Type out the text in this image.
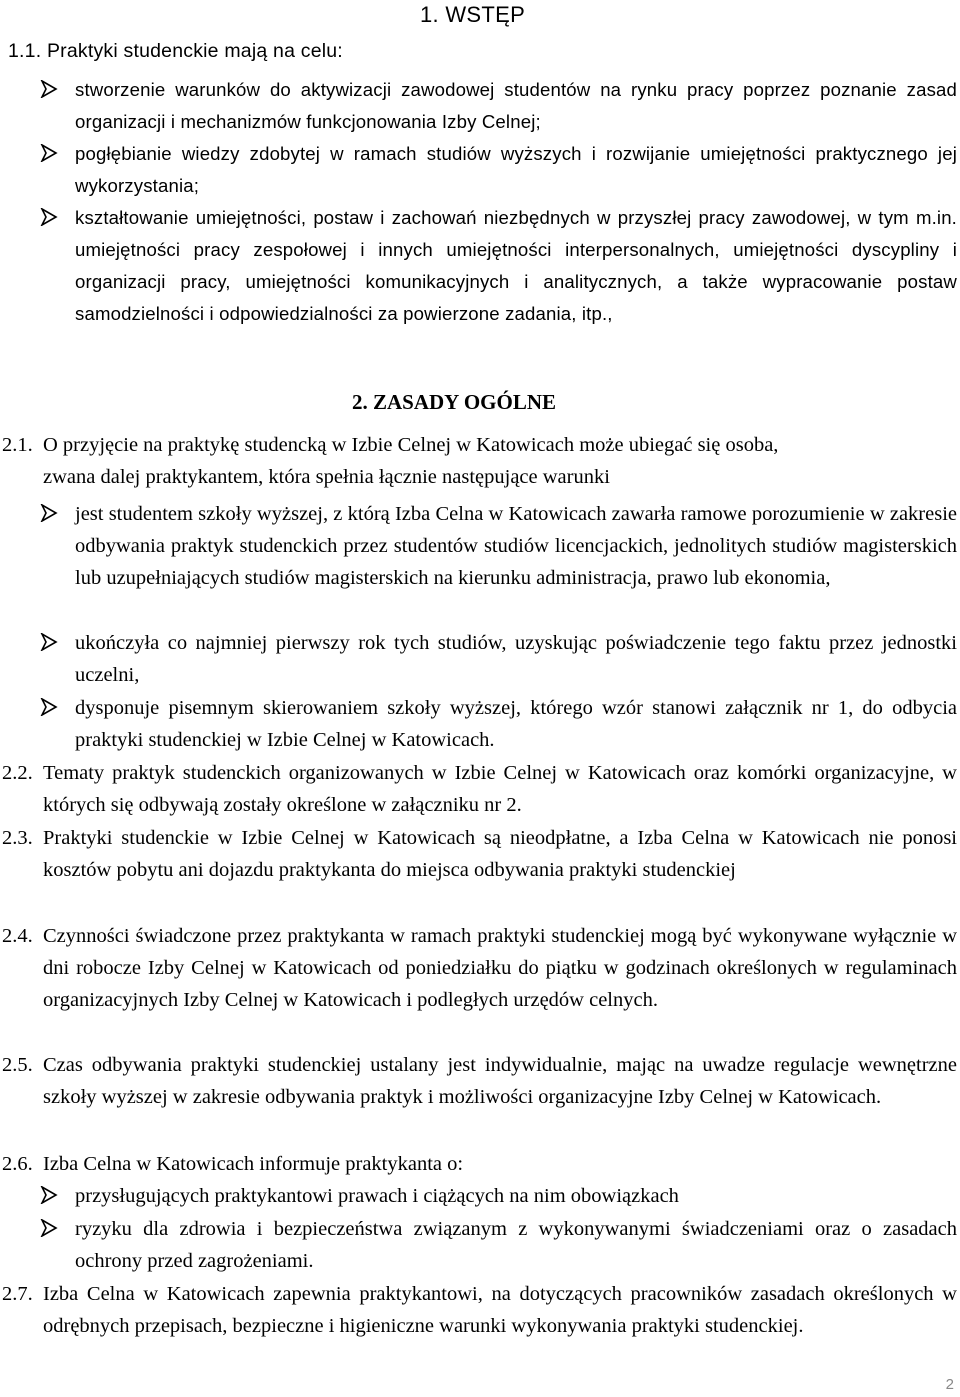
1. WSTĘP
1.1. Praktyki studenckie mają na celu:
stworzenie warunków do aktywizacji zawodowej studentów na rynku pracy poprzez poznanie zasad organizacji i mechanizmów funkcjonowania Izby Celnej;
pogłębianie wiedzy zdobytej w ramach studiów wyższych i rozwijanie umiejętności praktycznego jej wykorzystania;
kształtowanie umiejętności, postaw i zachowań niezbędnych w przyszłej pracy zawodowej, w tym m.in. umiejętności pracy zespołowej i innych umiejętności interpersonalnych, umiejętności dyscypliny i organizacji pracy, umiejętności komunikacyjnych i analitycznych, a także wypracowanie postaw samodzielności i odpowiedzialności za powierzone zadania, itp.,
2. ZASADY OGÓLNE
2.1. O przyjęcie na praktykę studencką w Izbie Celnej w Katowicach może ubiegać się osoba,
zwana dalej praktykantem, która spełnia łącznie następujące warunki
jest studentem szkoły wyższej, z którą Izba Celna w Katowicach zawarła ramowe porozumienie w zakresie odbywania praktyk studenckich przez studentów studiów licencjackich, jednolitych studiów magisterskich lub uzupełniających studiów magisterskich na kierunku administracja, prawo lub ekonomia,
ukończyła co najmniej pierwszy rok tych studiów, uzyskując poświadczenie tego faktu przez jednostki uczelni,
dysponuje pisemnym skierowaniem szkoły wyższej, którego wzór stanowi załącznik nr 1, do odbycia praktyki studenckiej w Izbie Celnej w Katowicach.
2.2. Tematy praktyk studenckich organizowanych w Izbie Celnej w Katowicach oraz komórki organizacyjne, w których się odbywają zostały określone w załączniku nr 2.
2.3. Praktyki studenckie w Izbie Celnej w Katowicach są nieodpłatne, a Izba Celna w Katowicach nie ponosi kosztów pobytu ani dojazdu praktykanta do miejsca odbywania praktyki studenckiej
2.4. Czynności świadczone przez praktykanta w ramach praktyki studenckiej mogą być wykonywane wyłącznie w dni robocze Izby Celnej w Katowicach od poniedziałku do piątku w godzinach określonych w regulaminach organizacyjnych Izby Celnej w Katowicach i podległych urzędów celnych.
2.5. Czas odbywania praktyki studenckiej ustalany jest indywidualnie, mając na uwadze regulacje wewnętrzne szkoły wyższej w zakresie odbywania praktyk i możliwości organizacyjne Izby Celnej w Katowicach.
2.6. Izba Celna w Katowicach informuje praktykanta o:
przysługujących praktykantowi prawach i ciążących na nim obowiązkach
ryzyku dla zdrowia i bezpieczeństwa związanym z wykonywanymi świadczeniami oraz o zasadach ochrony przed zagrożeniami.
2.7. Izba Celna w Katowicach zapewnia praktykantowi, na dotyczących pracowników zasadach określonych w odrębnych przepisach, bezpieczne i higieniczne warunki wykonywania praktyki studenckiej.
2
